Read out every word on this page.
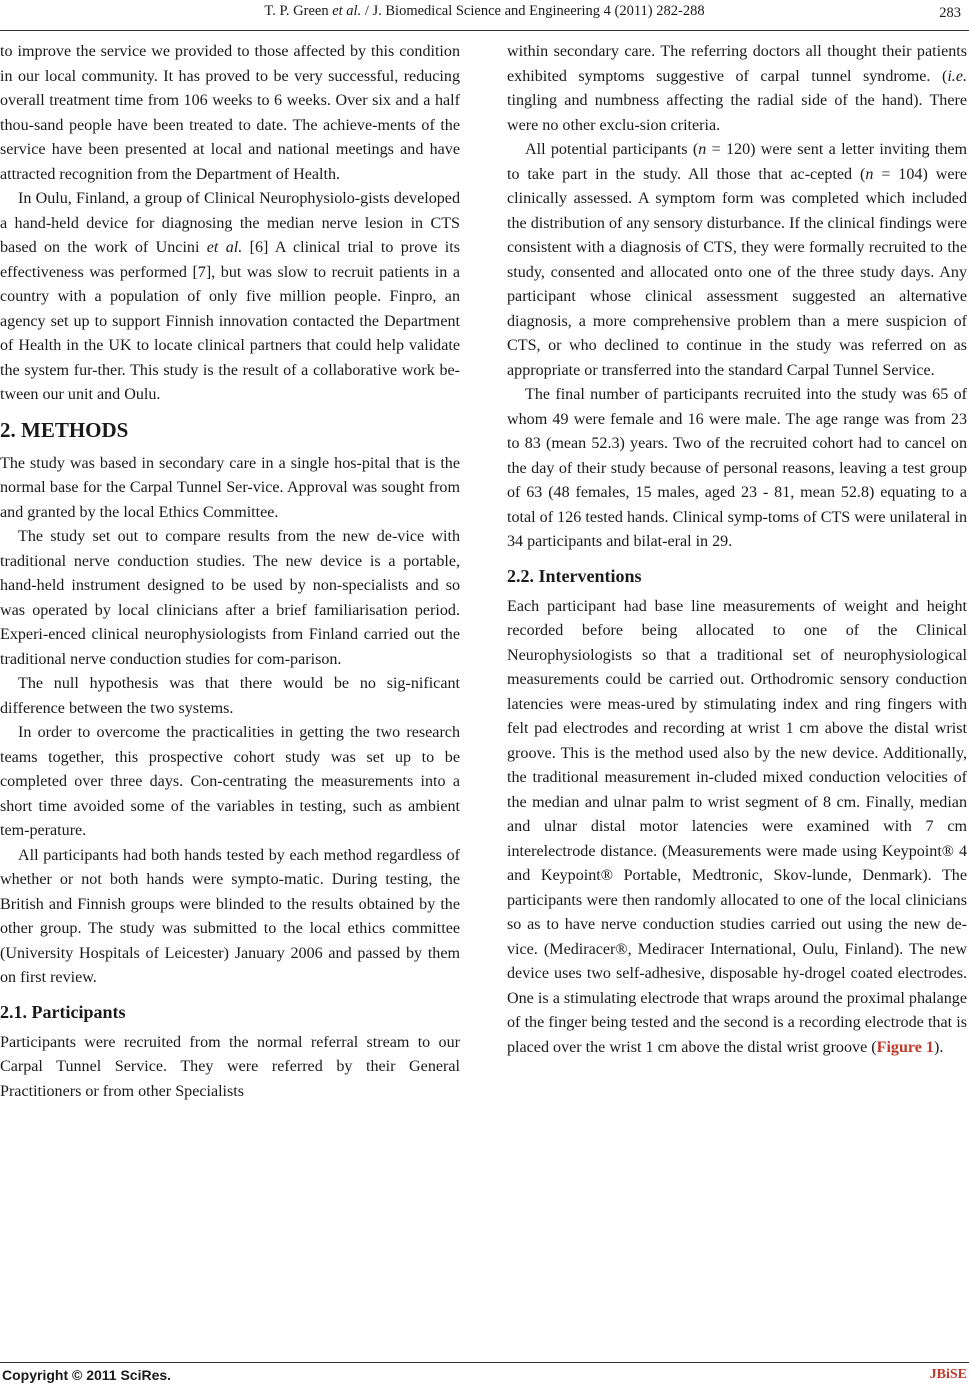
T. P. Green et al. / J. Biomedical Science and Engineering 4 (2011) 282-288	283

to improve the service we provided to those affected by this condition in our local community. It has proved to be very successful, reducing overall treatment time from 106 weeks to 6 weeks. Over six and a half thou-sand people have been treated to date. The achieve-ments of the service have been presented at local and national meetings and have attracted recognition from the Department of Health.

In Oulu, Finland, a group of Clinical Neurophysiolo-gists developed a hand-held device for diagnosing the median nerve lesion in CTS based on the work of Uncini et al. [6] A clinical trial to prove its effectiveness was performed [7], but was slow to recruit patients in a country with a population of only five million people. Finpro, an agency set up to support Finnish innovation contacted the Department of Health in the UK to locate clinical partners that could help validate the system fur-ther. This study is the result of a collaborative work be-tween our unit and Oulu.

2. METHODS

The study was based in secondary care in a single hos-pital that is the normal base for the Carpal Tunnel Ser-vice. Approval was sought from and granted by the local Ethics Committee.

The study set out to compare results from the new de-vice with traditional nerve conduction studies. The new device is a portable, hand-held instrument designed to be used by non-specialists and so was operated by local clinicians after a brief familiarisation period. Experi-enced clinical neurophysiologists from Finland carried out the traditional nerve conduction studies for com-parison.

The null hypothesis was that there would be no sig-nificant difference between the two systems.

In order to overcome the practicalities in getting the two research teams together, this prospective cohort study was set up to be completed over three days. Con-centrating the measurements into a short time avoided some of the variables in testing, such as ambient tem-perature.

All participants had both hands tested by each method regardless of whether or not both hands were sympto-matic. During testing, the British and Finnish groups were blinded to the results obtained by the other group. The study was submitted to the local ethics committee (University Hospitals of Leicester) January 2006 and passed by them on first review.

2.1. Participants

Participants were recruited from the normal referral stream to our Carpal Tunnel Service. They were referred by their General Practitioners or from other Specialists

within secondary care. The referring doctors all thought their patients exhibited symptoms suggestive of carpal tunnel syndrome. (i.e. tingling and numbness affecting the radial side of the hand). There were no other exclu-sion criteria.

All potential participants (n = 120) were sent a letter inviting them to take part in the study. All those that ac-cepted (n = 104) were clinically assessed. A symptom form was completed which included the distribution of any sensory disturbance. If the clinical findings were consistent with a diagnosis of CTS, they were formally recruited to the study, consented and allocated onto one of the three study days. Any participant whose clinical assessment suggested an alternative diagnosis, a more comprehensive problem than a mere suspicion of CTS, or who declined to continue in the study was referred on as appropriate or transferred into the standard Carpal Tunnel Service.

The final number of participants recruited into the study was 65 of whom 49 were female and 16 were male. The age range was from 23 to 83 (mean 52.3) years. Two of the recruited cohort had to cancel on the day of their study because of personal reasons, leaving a test group of 63 (48 females, 15 males, aged 23 - 81, mean 52.8) equating to a total of 126 tested hands. Clinical symp-toms of CTS were unilateral in 34 participants and bilat-eral in 29.

2.2. Interventions

Each participant had base line measurements of weight and height recorded before being allocated to one of the Clinical Neurophysiologists so that a traditional set of neurophysiological measurements could be carried out. Orthodromic sensory conduction latencies were meas-ured by stimulating index and ring fingers with felt pad electrodes and recording at wrist 1 cm above the distal wrist groove. This is the method used also by the new device. Additionally, the traditional measurement in-cluded mixed conduction velocities of the median and ulnar palm to wrist segment of 8 cm. Finally, median and ulnar distal motor latencies were examined with 7 cm interelectrode distance. (Measurements were made using Keypoint® 4 and Keypoint® Portable, Medtronic, Skov-lunde, Denmark). The participants were then randomly allocated to one of the local clinicians so as to have nerve conduction studies carried out using the new de-vice. (Mediracer®, Mediracer International, Oulu, Finland). The new device uses two self-adhesive, disposable hy-drogel coated electrodes. One is a stimulating electrode that wraps around the proximal phalange of the finger being tested and the second is a recording electrode that is placed over the wrist 1 cm above the distal wrist groove (Figure 1).

Copyright © 2011 SciRes.	JBiSE
